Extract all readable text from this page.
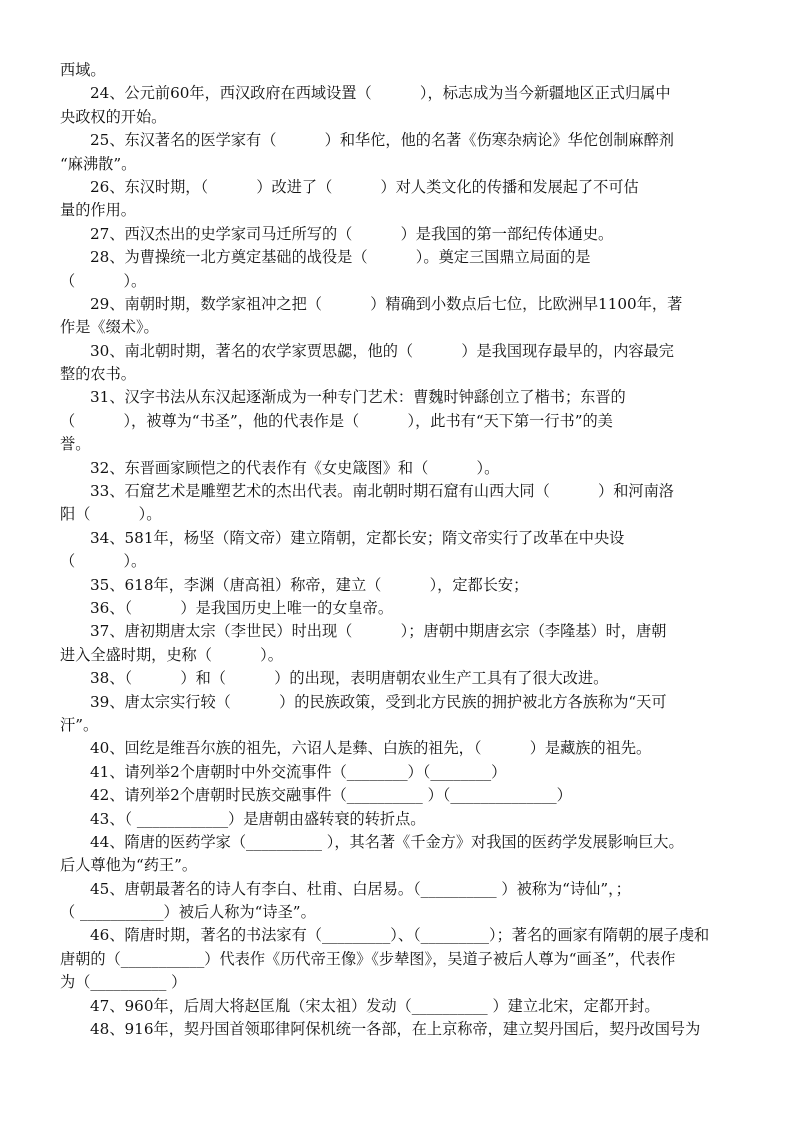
西域。
24、公元前60年，西汉政府在西域设置（          ），标志成为当今新疆地区正式归属中
央政权的开始。
25、东汉著名的医学家有（          ）和华佗，他的名著《伤寒杂病论》华佗创制麻醉剂
“麻沸散”。
26、东汉时期，（          ）改进了（          ）对人类文化的传播和发展起了不可估
量的作用。
27、西汉杰出的史学家司马迁所写的（          ）是我国的第一部纪传体通史。
28、为曹操统一北方奠定基础的战役是（          ）。奠定三国鼎立局面的是
（          ）。
29、南朝时期，数学家祖冲之把（          ）精确到小数点后七位，比欧洲早1100年，著
作是《缀术》。
30、南北朝时期，著名的农学家贾思勰，他的（          ）是我国现存最早的，内容最完
整的农书。
31、汉字书法从东汉起逐渐成为一种专门艺术：曹魏时钟繇创立了楷书；东晋的
（          ），被尊为“书圣”，他的代表作是（          ），此书有“天下第一行书”的美
誉。
32、东晋画家顾恺之的代表作有《女史箴图》和（          ）。
33、石窟艺术是雕塑艺术的杰出代表。南北朝时期石窟有山西大同（          ）和河南洛
阳（          ）。
34、581年，杨坚（隋文帝）建立隋朝，定都长安；隋文帝实行了改革在中央设
（          ）。
35、618年，李渊（唐高祖）称帝，建立（          ），定都长安；
36、（          ）是我国历史上唯一的女皇帝。
37、唐初期唐太宗（李世民）时出现（          ）；唐朝中期唐玄宗（李隆基）时，唐朝
进入全盛时期，史称（          ）。
38、（          ）和（          ）的出现，表明唐朝农业生产工具有了很大改进。
39、唐太宗实行较（          ）的民族政策，受到北方民族的拥护被北方各族称为“天可
汗”。
40、回纥是维吾尔族的祖先，六诏人是彝、白族的祖先，（          ）是藏族的祖先。
41、请列举2个唐朝时中外交流事件（________）（________）
42、请列举2个唐朝时民族交融事件（__________ ）（______________）
43、（ ____________）是唐朝由盛转衰的转折点。
44、隋唐的医药学家（__________ ），其名著《千金方》对我国的医药学发展影响巨大。
后人尊他为“药王”。
45、唐朝最著名的诗人有李白、杜甫、白居易。（__________ ）被称为“诗仙”，；
（ ___________）被后人称为“诗圣”。
46、隋唐时期，著名的书法家有（_________）、（_________）；著名的画家有隋朝的展子虔和
唐朝的（___________）代表作《历代帝王像》《步辇图》，吴道子被后人尊为“画圣”，代表作
为（__________ ）
47、960年，后周大将赵匡胤（宋太祖）发动（__________ ）建立北宋，定都开封。
48、916年，契丹国首领耶律阿保机统一各部，在上京称帝，建立契丹国后，契丹改国号为
